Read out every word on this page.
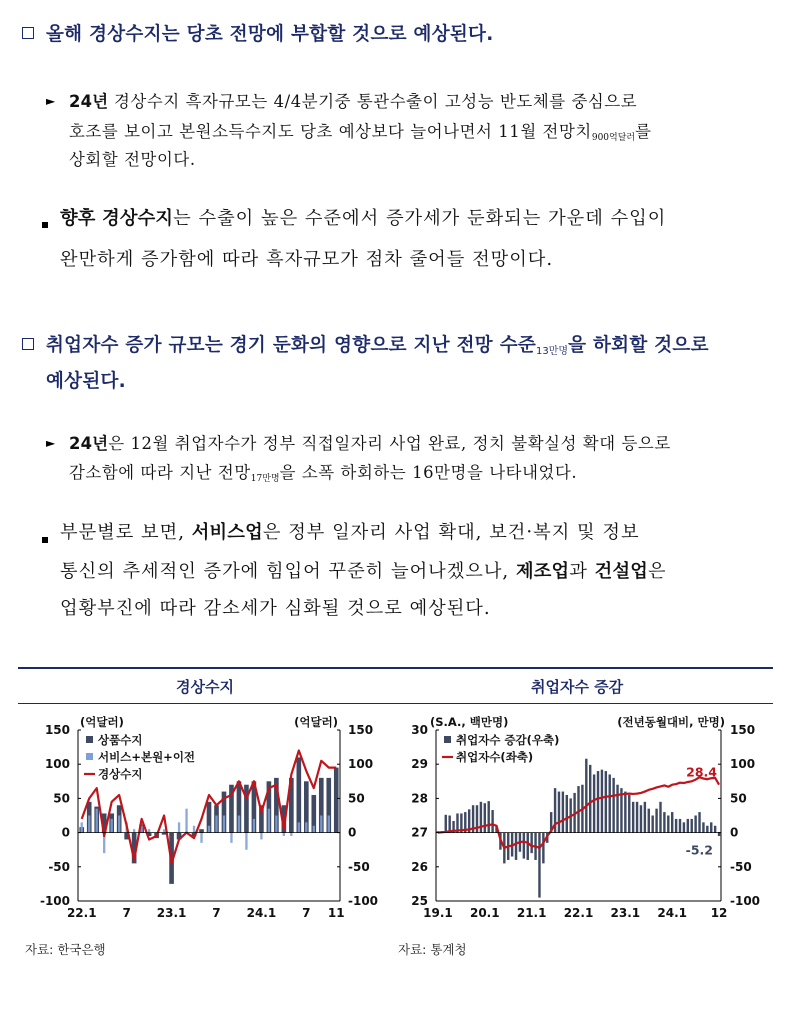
올해 경상수지는 당초 전망에 부합할 것으로 예상된다.
► 24년 경상수지 흑자규모는 4/4분기중 통관수출이 고성능 반도체를 중심으로
호조를 보이고 본원소득수지도 당초 예상보다 늘어나면서 11월 전망치$_{900억달러}$를
상회할 전망이다.
향후 경상수지는 수출이 높은 수준에서 증가세가 둔화되는 가운데 수입이
완만하게 증가함에 따라 흑자규모가 점차 줄어들 전망이다.
취업자수 증가 규모는 경기 둔화의 영향으로 지난 전망 수준$_{13만명}$을 하회할 것으로
예상된다.
► 24년은 12월 취업자수가 정부 직접일자리 사업 완료, 정치 불확실성 확대 등으로
감소함에 따라 지난 전망$_{17만명}$을 소폭 하회하는 16만명을 나타내었다.
부문별로 보면, 서비스업은 정부 일자리 사업 확대, 보건·복지 및 정보
통신의 추세적인 증가에 힘입어 꾸준히 늘어나겠으나, 제조업과 건설업은
업황부진에 따라 감소세가 심화될 것으로 예상된다.
경상수지	취업자수 증감
150	150
100	100
50	50
0	0
-50	-50
-100	-100
(억달러)	(억달러)
22.1 7 23.1 7 24.1 7 11
상품수지
서비스+본원+이전
경상수지
30
29
28
27
26
25
150
100
50
0
-50
-100
(S.A., 백만명)	(전년동월대비, 만명)
19.1 20.1 21.1 22.1 23.1 24.1 12
28.4
-5.2
취업자수 증감(우축)
취업자수(좌축)
자료: 한국은행	자료: 통계청
